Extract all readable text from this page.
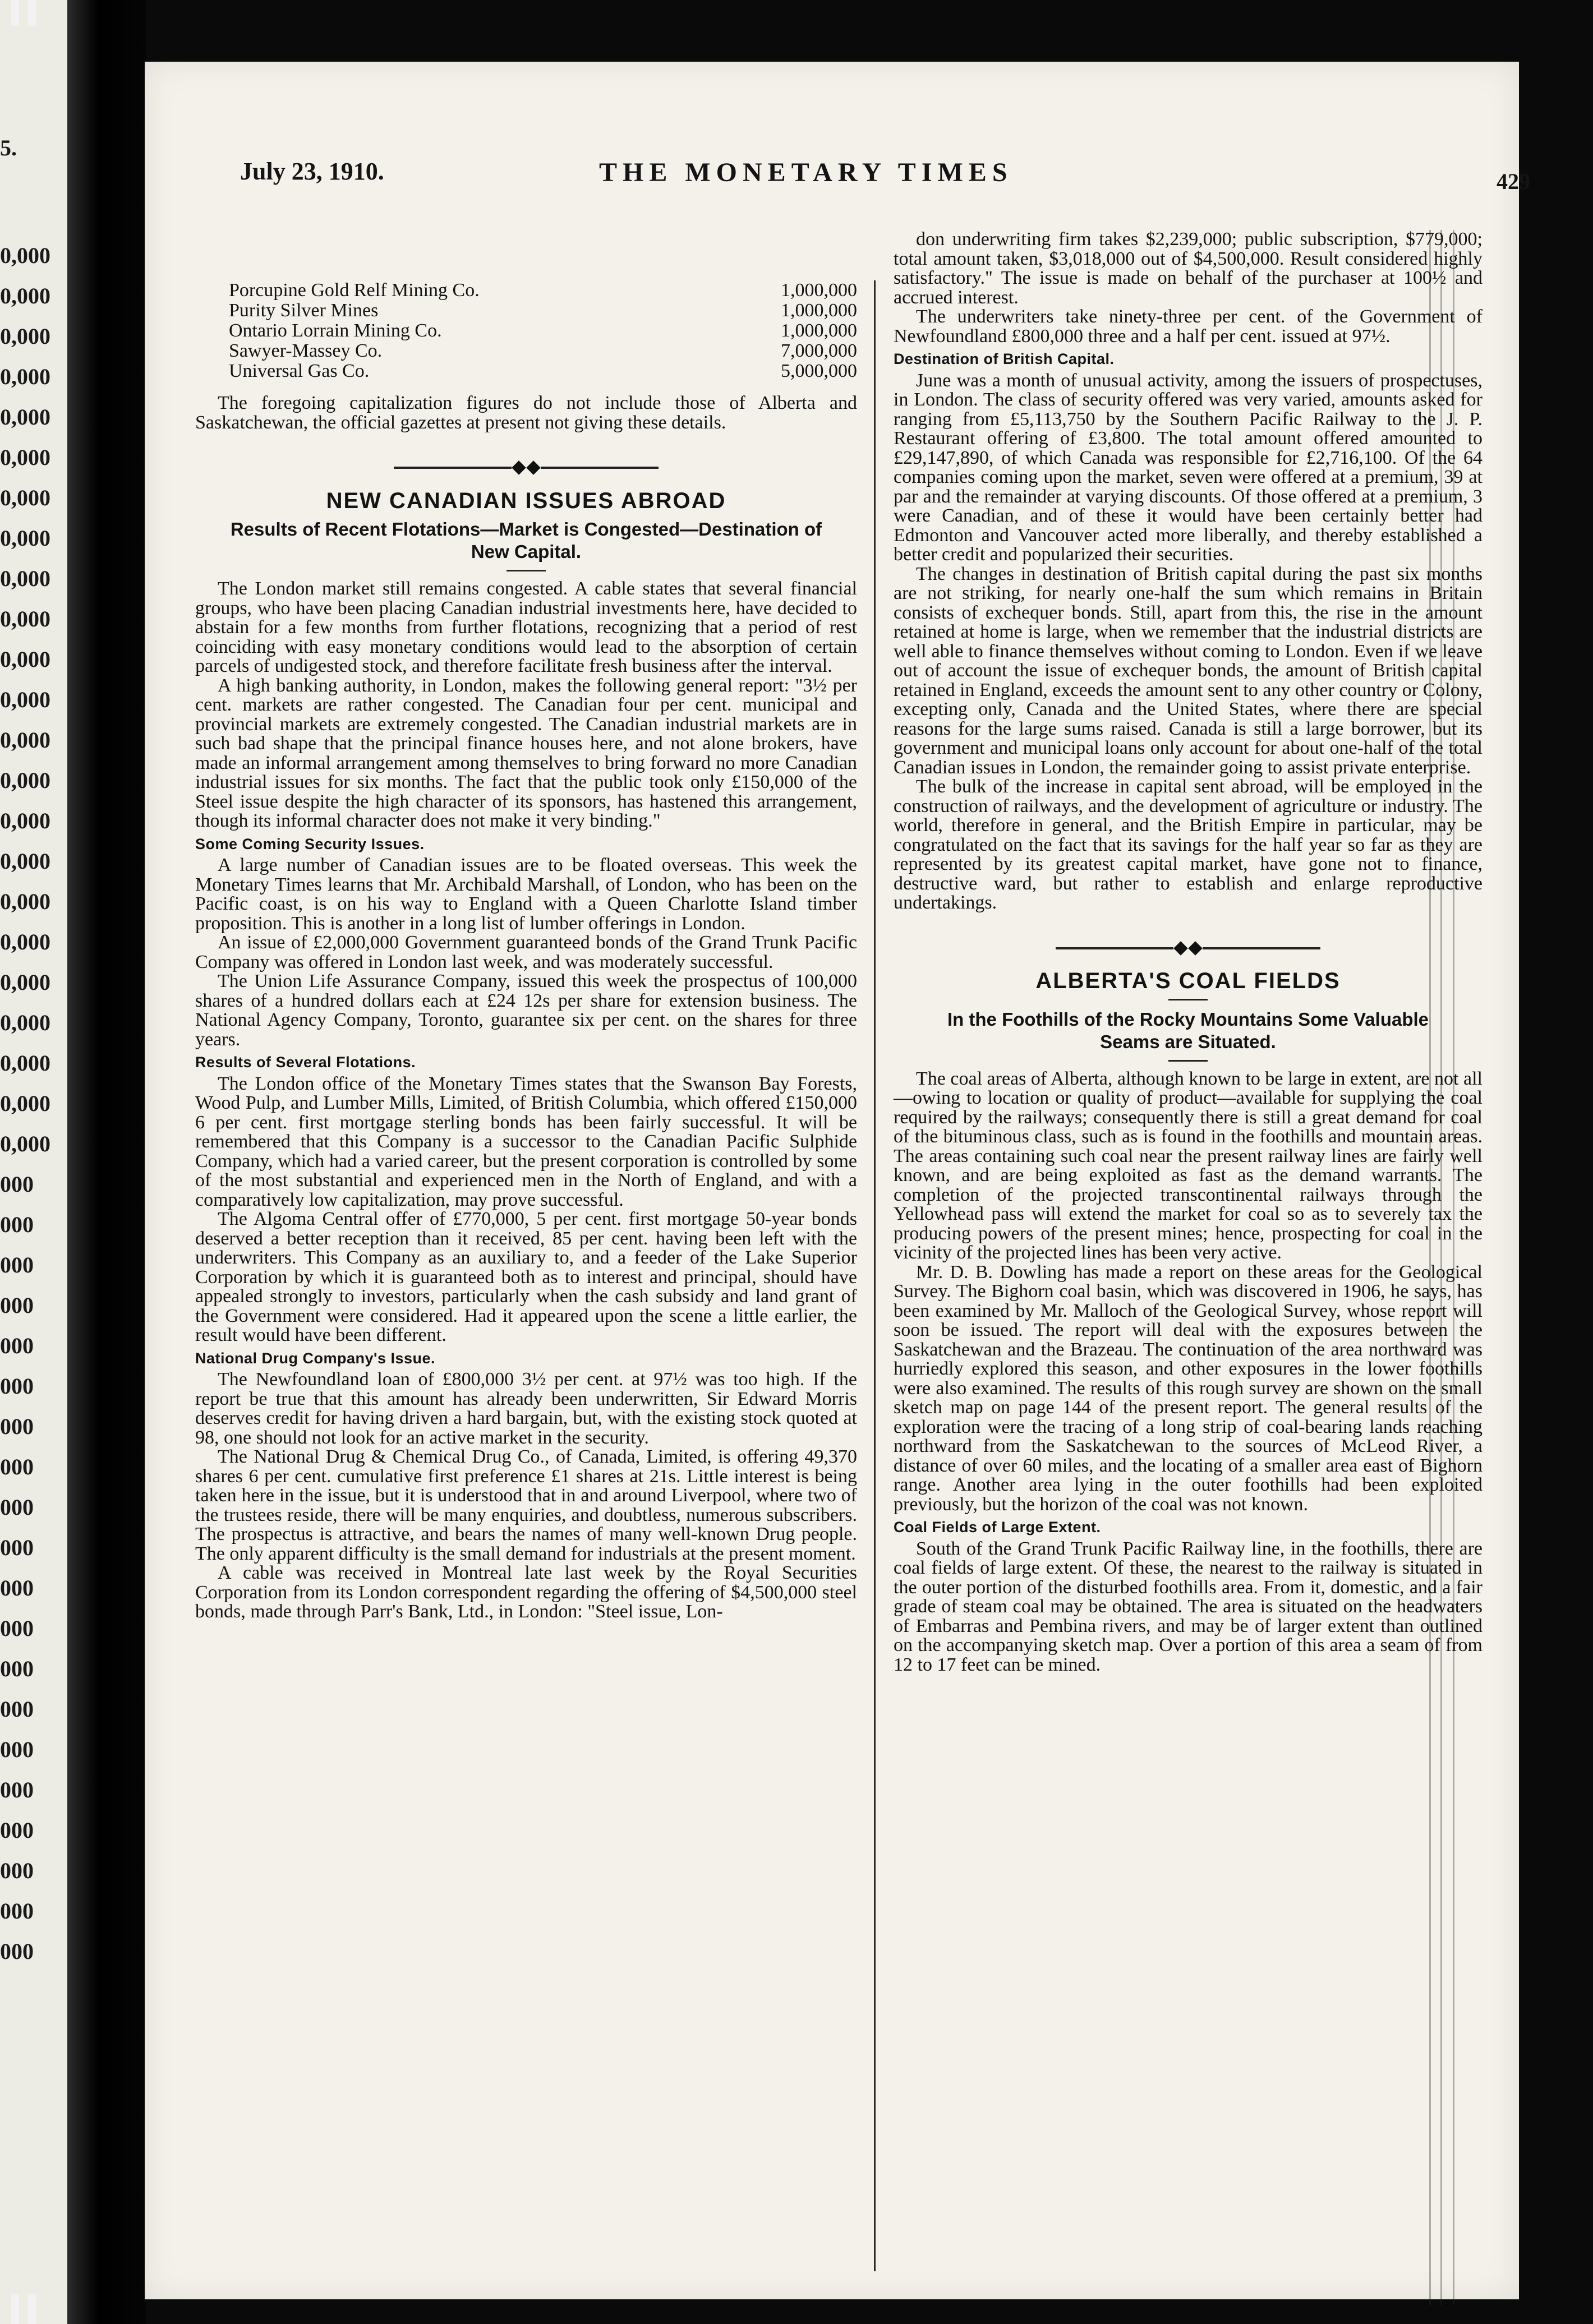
5.
0,000
0,000
0,000
0,000
0,000
0,000
0,000
0,000
0,000
0,000
0,000
0,000
0,000
0,000
0,000
0,000
0,000
0,000
0,000
0,000
0,000
0,000
0,000
000
000
000
000
000
000
000
000
000
000
000
000
000
000
000
000
000
000
000
000
July 23, 1910.	THE MONETARY TIMES	429
Porcupine Gold Relf Mining Co.	1,000,000
Purity Silver Mines	1,000,000
Ontario Lorrain Mining Co.	1,000,000
Sawyer-Massey Co.	7,000,000
Universal Gas Co.	5,000,000

The foregoing capitalization figures do not include those of Alberta and Saskatchewan, the official gazettes at present not giving these details.

NEW CANADIAN ISSUES ABROAD
Results of Recent Flotations—Market is Congested—Destination of New Capital.

The London market still remains congested. A cable states that several financial groups, who have been placing Canadian industrial investments here, have decided to abstain for a few months from further flotations, recognizing that a period of rest coinciding with easy monetary conditions would lead to the absorption of certain parcels of undigested stock, and therefore facilitate fresh business after the interval.

A high banking authority, in London, makes the following general report: "3½ per cent. markets are rather congested. The Canadian four per cent. municipal and provincial markets are extremely congested. The Canadian industrial markets are in such bad shape that the principal finance houses here, and not alone brokers, have made an informal arrangement among themselves to bring forward no more Canadian industrial issues for six months. The fact that the public took only £150,000 of the Steel issue despite the high character of its sponsors, has hastened this arrangement, though its informal character does not make it very binding."

Some Coming Security Issues.

A large number of Canadian issues are to be floated overseas. This week the Monetary Times learns that Mr. Archibald Marshall, of London, who has been on the Pacific coast, is on his way to England with a Queen Charlotte Island timber proposition. This is another in a long list of lumber offerings in London.

An issue of £2,000,000 Government guaranteed bonds of the Grand Trunk Pacific Company was offered in London last week, and was moderately successful.

The Union Life Assurance Company, issued this week the prospectus of 100,000 shares of a hundred dollars each at £24 12s per share for extension business. The National Agency Company, Toronto, guarantee six per cent. on the shares for three years.

Results of Several Flotations.

The London office of the Monetary Times states that the Swanson Bay Forests, Wood Pulp, and Lumber Mills, Limited, of British Columbia, which offered £150,000 6 per cent. first mortgage sterling bonds has been fairly successful. It will be remembered that this Company is a successor to the Canadian Pacific Sulphide Company, which had a varied career, but the present corporation is controlled by some of the most substantial and experienced men in the North of England, and with a comparatively low capitalization, may prove successful.

The Algoma Central offer of £770,000, 5 per cent. first mortgage 50-year bonds deserved a better reception than it received, 85 per cent. having been left with the underwriters. This Company as an auxiliary to, and a feeder of the Lake Superior Corporation by which it is guaranteed both as to interest and principal, should have appealed strongly to investors, particularly when the cash subsidy and land grant of the Government were considered. Had it appeared upon the scene a little earlier, the result would have been different.

National Drug Company's Issue.

The Newfoundland loan of £800,000 3½ per cent. at 97½ was too high. If the report be true that this amount has already been underwritten, Sir Edward Morris deserves credit for having driven a hard bargain, but, with the existing stock quoted at 98, one should not look for an active market in the security.

The National Drug & Chemical Drug Co., of Canada, Limited, is offering 49,370 shares 6 per cent. cumulative first preference £1 shares at 21s. Little interest is being taken here in the issue, but it is understood that in and around Liverpool, where two of the trustees reside, there will be many enquiries, and doubtless, numerous subscribers. The prospectus is attractive, and bears the names of many well-known Drug people. The only apparent difficulty is the small demand for industrials at the present moment.

A cable was received in Montreal late last week by the Royal Securities Corporation from its London correspondent regarding the offering of $4,500,000 steel bonds, made through Parr's Bank, Ltd., in London: "Steel issue, Lon-

don underwriting firm takes $2,239,000; public subscription, $779,000; total amount taken, $3,018,000 out of $4,500,000. Result considered highly satisfactory." The issue is made on behalf of the purchaser at 100½ and accrued interest.

The underwriters take ninety-three per cent. of the Government of Newfoundland £800,000 three and a half per cent. issued at 97½.

Destination of British Capital.

June was a month of unusual activity, among the issuers of prospectuses, in London. The class of security offered was very varied, amounts asked for ranging from £5,113,750 by the Southern Pacific Railway to the J. P. Restaurant offering of £3,800. The total amount offered amounted to £29,147,890, of which Canada was responsible for £2,716,100. Of the 64 companies coming upon the market, seven were offered at a premium, 39 at par and the remainder at varying discounts. Of those offered at a premium, 3 were Canadian, and of these it would have been certainly better had Edmonton and Vancouver acted more liberally, and thereby established a better credit and popularized their securities.

The changes in destination of British capital during the past six months are not striking, for nearly one-half the sum which remains in Britain consists of exchequer bonds. Still, apart from this, the rise in the amount retained at home is large, when we remember that the industrial districts are well able to finance themselves without coming to London. Even if we leave out of account the issue of exchequer bonds, the amount of British capital retained in England, exceeds the amount sent to any other country or Colony, excepting only, Canada and the United States, where there are special reasons for the large sums raised. Canada is still a large borrower, but its government and municipal loans only account for about one-half of the total Canadian issues in London, the remainder going to assist private enterprise.

The bulk of the increase in capital sent abroad, will be employed in the construction of railways, and the development of agriculture or industry. The world, therefore in general, and the British Empire in particular, may be congratulated on the fact that its savings for the half year so far as they are represented by its greatest capital market, have gone not to finance, destructive ward, but rather to establish and enlarge reproductive undertakings.

ALBERTA'S COAL FIELDS
In the Foothills of the Rocky Mountains Some Valuable Seams are Situated.

The coal areas of Alberta, although known to be large in extent, are not all—owing to location or quality of product—available for supplying the coal required by the railways; consequently there is still a great demand for coal of the bituminous class, such as is found in the foothills and mountain areas. The areas containing such coal near the present railway lines are fairly well known, and are being exploited as fast as the demand warrants. The completion of the projected transcontinental railways through the Yellowhead pass will extend the market for coal so as to severely tax the producing powers of the present mines; hence, prospecting for coal in the vicinity of the projected lines has been very active.

Mr. D. B. Dowling has made a report on these areas for the Geological Survey. The Bighorn coal basin, which was discovered in 1906, he says, has been examined by Mr. Malloch of the Geological Survey, whose report will soon be issued. The report will deal with the exposures between the Saskatchewan and the Brazeau. The continuation of the area northward was hurriedly explored this season, and other exposures in the lower foothills were also examined. The results of this rough survey are shown on the small sketch map on page 144 of the present report. The general results of the exploration were the tracing of a long strip of coal-bearing lands reaching northward from the Saskatchewan to the sources of McLeod River, a distance of over 60 miles, and the locating of a smaller area east of Bighorn range. Another area lying in the outer foothills had been exploited previously, but the horizon of the coal was not known.

Coal Fields of Large Extent.

South of the Grand Trunk Pacific Railway line, in the foothills, there are coal fields of large extent. Of these, the nearest to the railway is situated in the outer portion of the disturbed foothills area. From it, domestic, and a fair grade of steam coal may be obtained. The area is situated on the headwaters of Embarras and Pembina rivers, and may be of larger extent than outlined on the accompanying sketch map. Over a portion of this area a seam of from 12 to 17 feet can be mined.
